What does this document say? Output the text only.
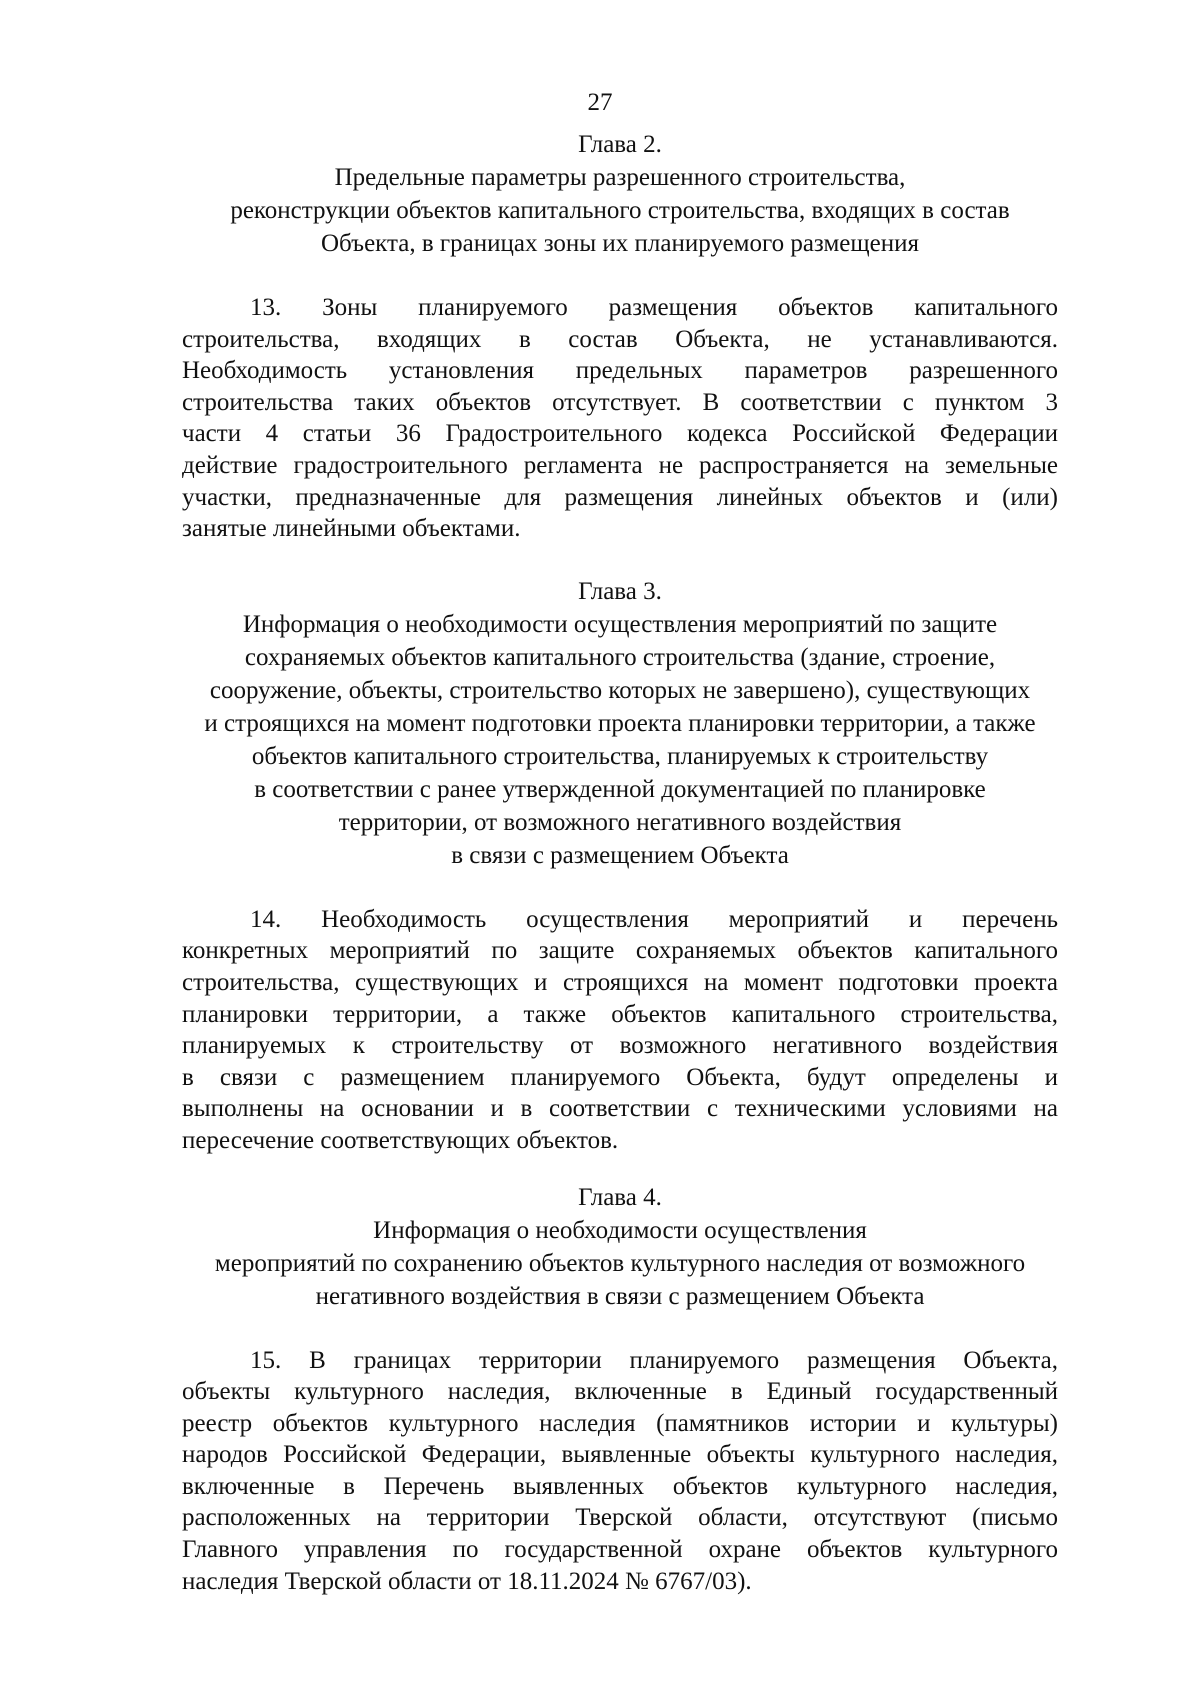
27
Глава 2.
Предельные параметры разрешенного строительства,
реконструкции объектов капитального строительства, входящих в состав
Объекта, в границах зоны их планируемого размещения
13. Зоны планируемого размещения объектов капитального
строительства, входящих в состав Объекта, не устанавливаются.
Необходимость установления предельных параметров разрешенного
строительства таких объектов отсутствует. В соответствии с пунктом 3
части 4 статьи 36 Градостроительного кодекса Российской Федерации
действие градостроительного регламента не распространяется на земельные
участки, предназначенные для размещения линейных объектов и (или)
занятые линейными объектами.
Глава 3.
Информация о необходимости осуществления мероприятий по защите
сохраняемых объектов капитального строительства (здание, строение,
сооружение, объекты, строительство которых не завершено), существующих
и строящихся на момент подготовки проекта планировки территории, а также
объектов капитального строительства, планируемых к строительству
в соответствии с ранее утвержденной документацией по планировке
территории, от возможного негативного воздействия
в связи с размещением Объекта
14. Необходимость осуществления мероприятий и перечень
конкретных мероприятий по защите сохраняемых объектов капитального
строительства, существующих и строящихся на момент подготовки проекта
планировки территории, а также объектов капитального строительства,
планируемых к строительству от возможного негативного воздействия
в связи с размещением планируемого Объекта, будут определены и
выполнены на основании и в соответствии с техническими условиями на
пересечение соответствующих объектов.
Глава 4.
Информация о необходимости осуществления
мероприятий по сохранению объектов культурного наследия от возможного
негативного воздействия в связи с размещением Объекта
15. В границах территории планируемого размещения Объекта,
объекты культурного наследия, включенные в Единый государственный
реестр объектов культурного наследия (памятников истории и культуры)
народов Российской Федерации, выявленные объекты культурного наследия,
включенные в Перечень выявленных объектов культурного наследия,
расположенных на территории Тверской области, отсутствуют (письмо
Главного управления по государственной охране объектов культурного
наследия Тверской области от 18.11.2024 № 6767/03).
